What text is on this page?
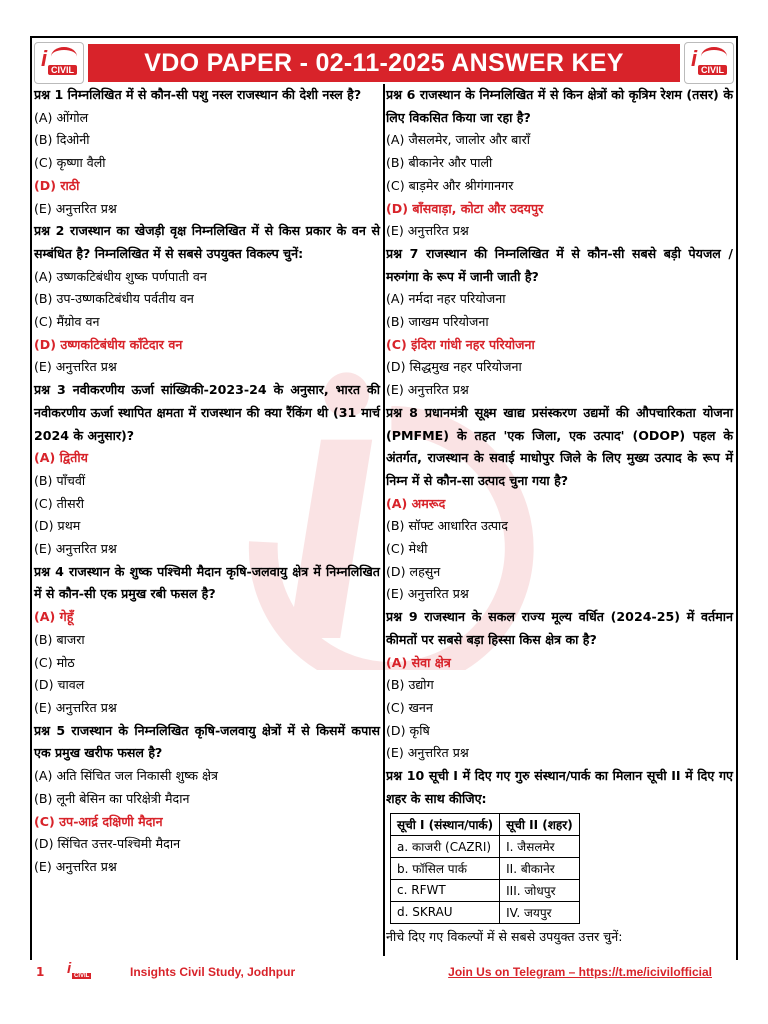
i CIVIL	VDO PAPER - 02-11-2025 ANSWER KEY	i CIVIL
प्रश्न 1 निम्नलिखित में से कौन-सी पशु नस्ल राजस्थान की देशी नस्ल है?
(A) ओंगोल
(B) दिओनी
(C) कृष्णा वैली
(D) राठी
(E) अनुत्तरित प्रश्न
प्रश्न 2 राजस्थान का खेजड़ी वृक्ष निम्नलिखित में से किस प्रकार के वन से सम्बंधित है? निम्नलिखित में से सबसे उपयुक्त विकल्प चुनें:
(A) उष्णकटिबंधीय शुष्क पर्णपाती वन
(B) उप-उष्णकटिबंधीय पर्वतीय वन
(C) मैंग्रोव वन
(D) उष्णकटिबंधीय काँटेदार वन
(E) अनुत्तरित प्रश्न
प्रश्न 3 नवीकरणीय ऊर्जा सांख्यिकी-2023-24 के अनुसार, भारत की नवीकरणीय ऊर्जा स्थापित क्षमता में राजस्थान की क्या रैंकिंग थी (31 मार्च 2024 के अनुसार)?
(A) द्वितीय
(B) पाँचवीं
(C) तीसरी
(D) प्रथम
(E) अनुत्तरित प्रश्न
प्रश्न 4 राजस्थान के शुष्क पश्चिमी मैदान कृषि-जलवायु क्षेत्र में निम्नलिखित में से कौन-सी एक प्रमुख रबी फसल है?
(A) गेहूँ
(B) बाजरा
(C) मोठ
(D) चावल
(E) अनुत्तरित प्रश्न
प्रश्न 5 राजस्थान के निम्नलिखित कृषि-जलवायु क्षेत्रों में से किसमें कपास एक प्रमुख खरीफ फसल है?
(A) अति सिंचित जल निकासी शुष्क क्षेत्र
(B) लूनी बेसिन का परिक्षेत्री मैदान
(C) उप-आर्द्र दक्षिणी मैदान
(D) सिंचित उत्तर-पश्चिमी मैदान
(E) अनुत्तरित प्रश्न
प्रश्न 6 राजस्थान के निम्नलिखित में से किन क्षेत्रों को कृत्रिम रेशम (तसर) के लिए विकसित किया जा रहा है?
(A) जैसलमेर, जालोर और बाराँ
(B) बीकानेर और पाली
(C) बाड़मेर और श्रीगंगानगर
(D) बाँसवाड़ा, कोटा और उदयपुर
(E) अनुत्तरित प्रश्न
प्रश्न 7 राजस्थान की निम्नलिखित में से कौन-सी सबसे बड़ी पेयजल / मरुगंगा के रूप में जानी जाती है?
(A) नर्मदा नहर परियोजना
(B) जाखम परियोजना
(C) इंदिरा गांधी नहर परियोजना
(D) सिद्धमुख नहर परियोजना
(E) अनुत्तरित प्रश्न
प्रश्न 8 प्रधानमंत्री सूक्ष्म खाद्य प्रसंस्करण उद्यमों की औपचारिकता योजना (PMFME) के तहत 'एक जिला, एक उत्पाद' (ODOP) पहल के अंतर्गत, राजस्थान के सवाई माधोपुर जिले के लिए मुख्य उत्पाद के रूप में निम्न में से कौन-सा उत्पाद चुना गया है?
(A) अमरूद
(B) सॉफ्ट आधारित उत्पाद
(C) मेथी
(D) लहसुन
(E) अनुत्तरित प्रश्न
प्रश्न 9 राजस्थान के सकल राज्य मूल्य वर्धित (2024-25) में वर्तमान कीमतों पर सबसे बड़ा हिस्सा किस क्षेत्र का है?
(A) सेवा क्षेत्र
(B) उद्योग
(C) खनन
(D) कृषि
(E) अनुत्तरित प्रश्न
प्रश्न 10 सूची I में दिए गए गुरु संस्थान/पार्क का मिलान सूची II में दिए गए शहर के साथ कीजिए:
सूची I (संस्थान/पार्क)	सूची II (शहर)
a. काजरी (CAZRI)	I. जैसलमेर
b. फॉसिल पार्क	II. बीकानेर
c. RFWT	III. जोधपुर
d. SKRAU	IV. जयपुर
नीचे दिए गए विकल्पों में से सबसे उपयुक्त उत्तर चुनें:
1 i CIVIL	Insights Civil Study, Jodhpur	Join Us on Telegram – https://t.me/icivilofficial
